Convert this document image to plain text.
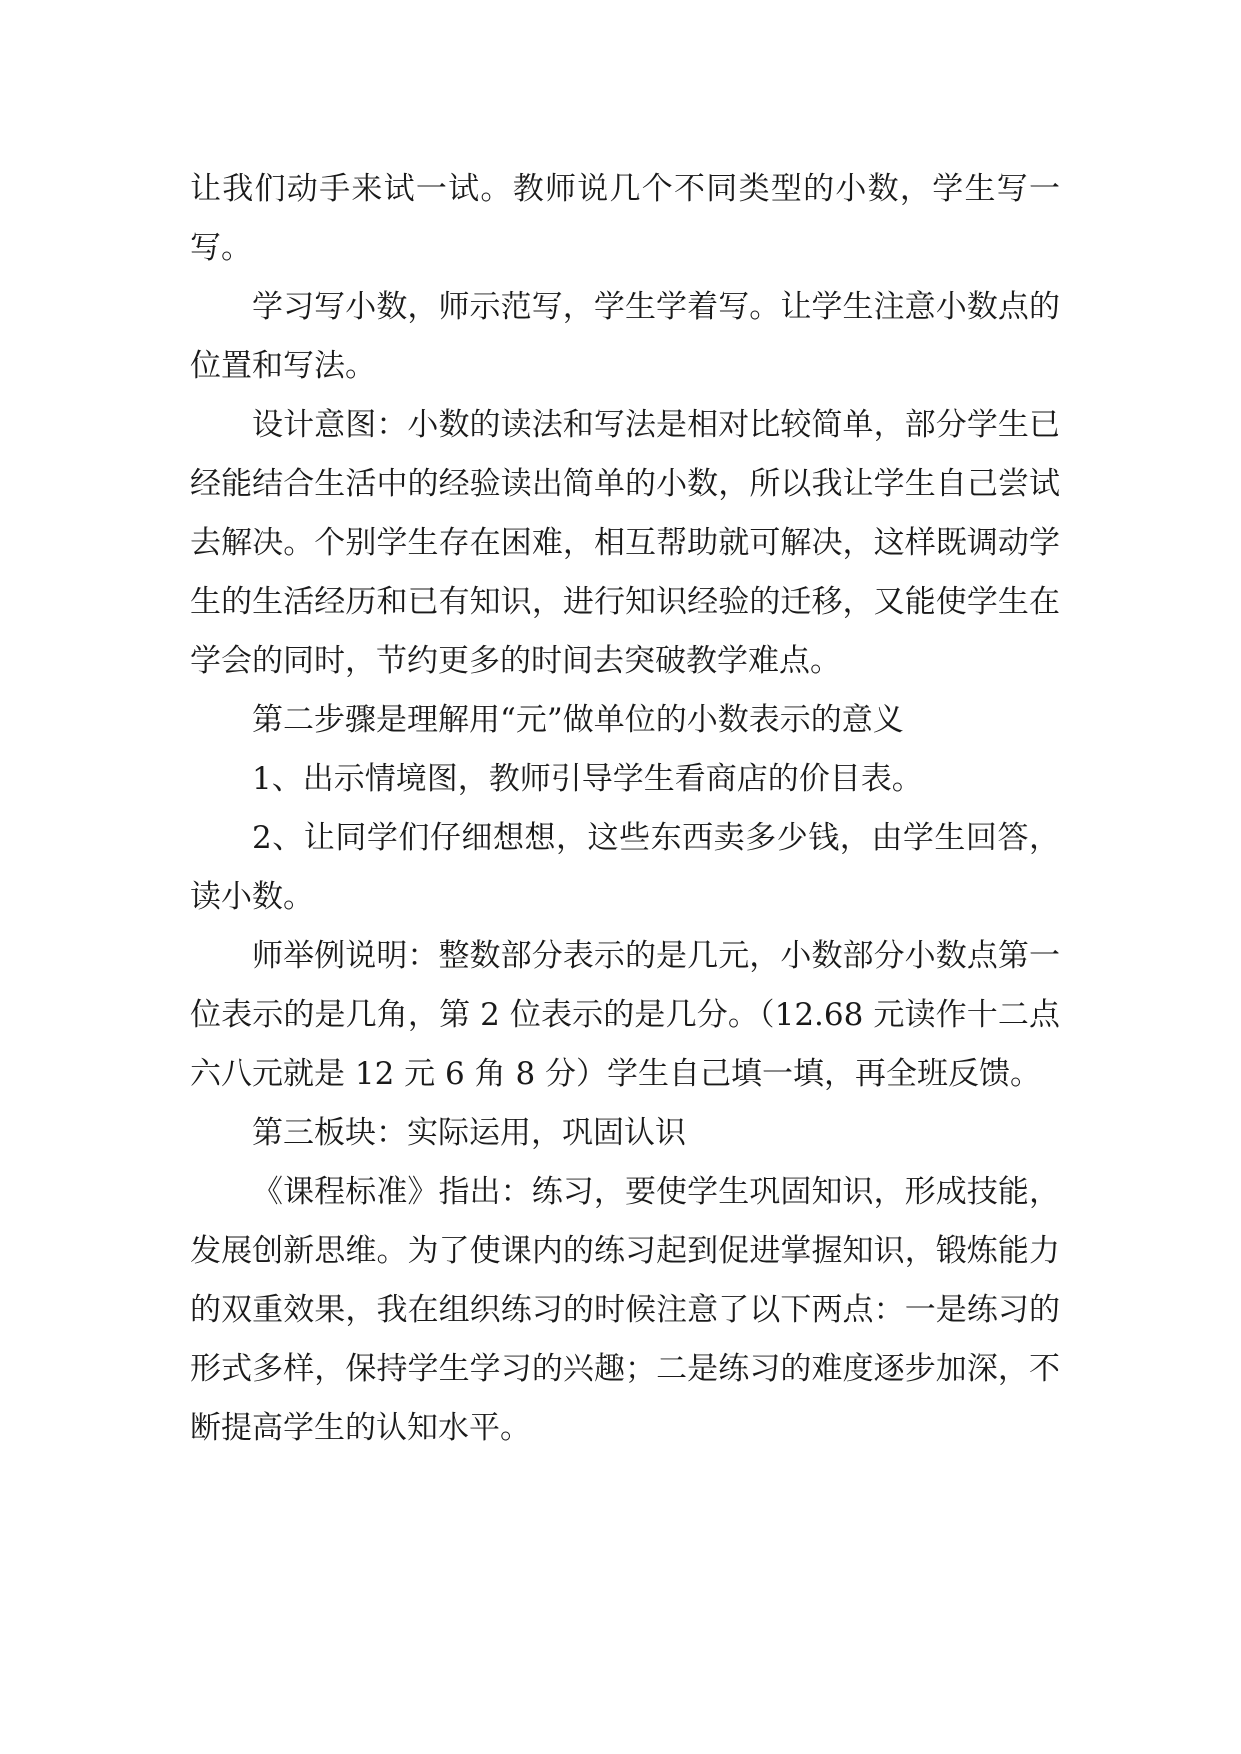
让我们动手来试一试。教师说几个不同类型的小数，学生写一写。

学习写小数，师示范写，学生学着写。让学生注意小数点的位置和写法。

设计意图：小数的读法和写法是相对比较简单，部分学生已经能结合生活中的经验读出简单的小数，所以我让学生自己尝试去解决。个别学生存在困难，相互帮助就可解决，这样既调动学生的生活经历和已有知识，进行知识经验的迁移，又能使学生在学会的同时，节约更多的时间去突破教学难点。

第二步骤是理解用“元”做单位的小数表示的意义

1、出示情境图，教师引导学生看商店的价目表。

2、让同学们仔细想想，这些东西卖多少钱，由学生回答，读小数。

师举例说明：整数部分表示的是几元，小数部分小数点第一位表示的是几角，第 2 位表示的是几分。（12.68 元读作十二点六八元就是 12 元 6 角 8 分）学生自己填一填，再全班反馈。

第三板块：实际运用，巩固认识

《课程标准》指出：练习，要使学生巩固知识，形成技能，发展创新思维。为了使课内的练习起到促进掌握知识，锻炼能力的双重效果，我在组织练习的时候注意了以下两点：一是练习的形式多样，保持学生学习的兴趣；二是练习的难度逐步加深，不断提高学生的认知水平。
